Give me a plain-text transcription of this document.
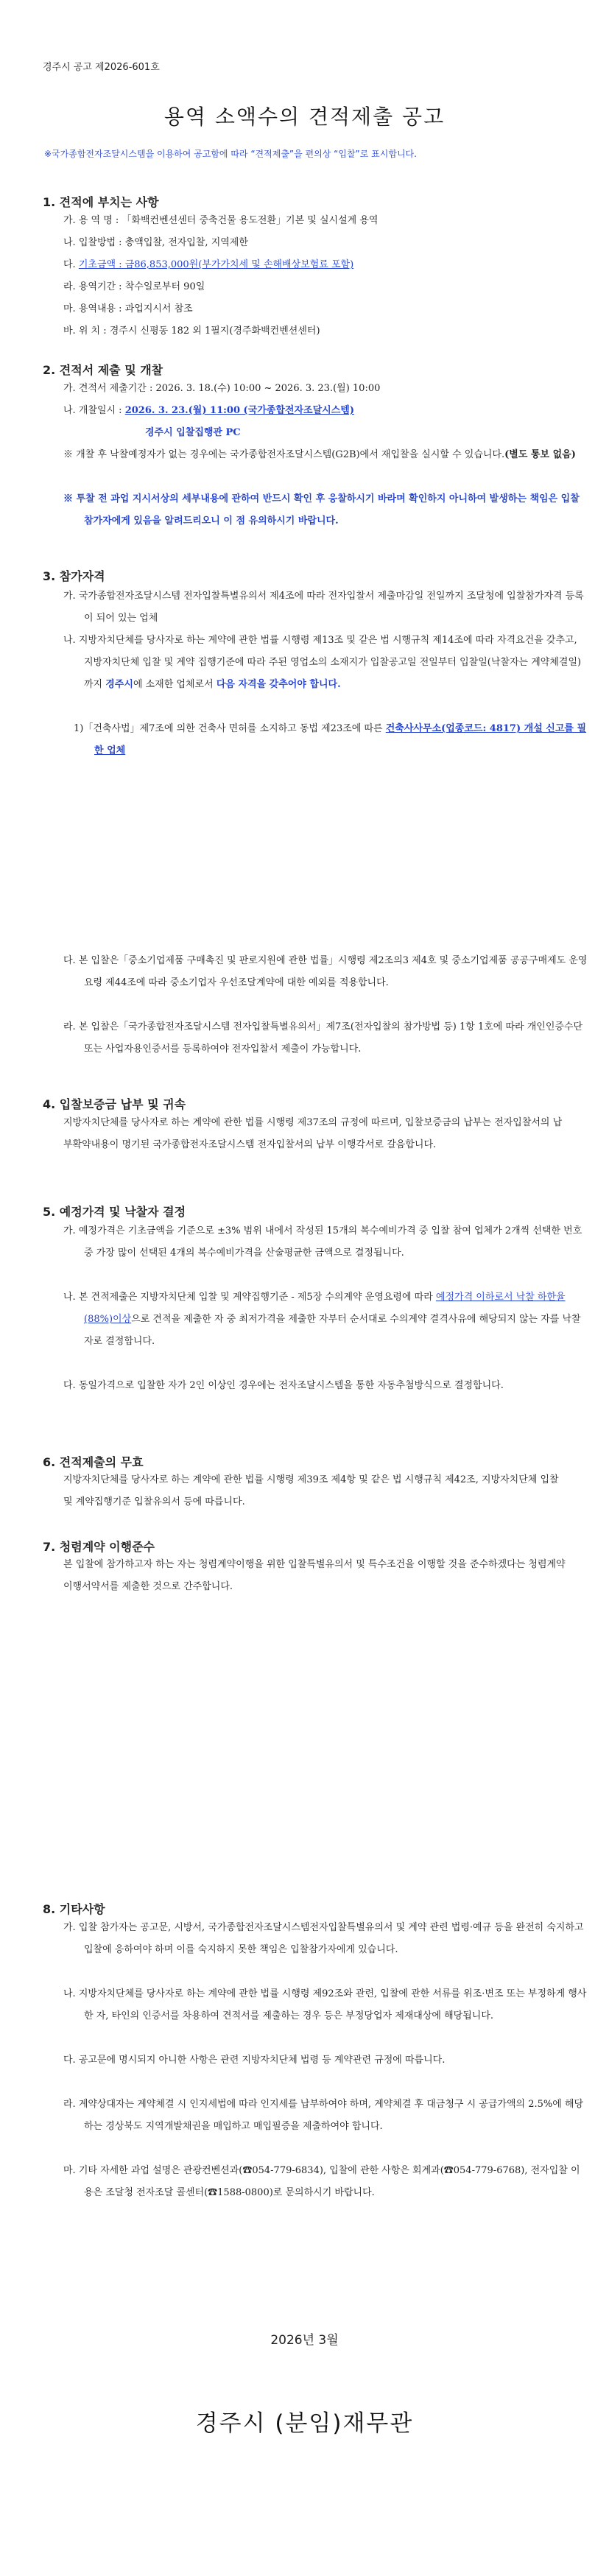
경주시 공고 제2026-601호
용역 소액수의 견적제출 공고
※국가종합전자조달시스템을 이용하여 공고함에 따라 “견적제출”을 편의상 “입찰”로 표시합니다.
1. 견적에 부치는 사항
가. 용 역 명 : 「화백컨벤션센터 중축건물 용도전환」기본 및 실시설계 용역
나. 입찰방법 : 총액입찰, 전자입찰, 지역제한
다. 기초금액 : 금86,853,000원(부가가치세 및 손해배상보험료 포함)
라. 용역기간 : 착수일로부터 90일
마. 용역내용 : 과업지시서 참조
바. 위 치 : 경주시 신평동 182 외 1필지(경주화백컨벤션센터)
2. 견적서 제출 및 개찰
가. 견적서 제출기간 : 2026. 3. 18.(수) 10:00 ~ 2026. 3. 23.(월) 10:00
나. 개찰일시 : 2026. 3. 23.(월) 11:00 (국가종합전자조달시스템)
경주시 입찰집행관 PC
※ 개찰 후 낙찰예정자가 없는 경우에는 국가종합전자조달시스템(G2B)에서 재입찰을 실시할 수 있습니다.(별도 통보 없음)
※ 투찰 전 과업 지시서상의 세부내용에 관하여 반드시 확인 후 응찰하시기 바라며 확인하지 아니하여 발생하는 책임은 입찰 참가자에게 있음을 알려드리오니 이 점 유의하시기 바랍니다.
3. 참가자격
가. 국가종합전자조달시스템 전자입찰특별유의서 제4조에 따라 전자입찰서 제출마감일 전일까지 조달청에 입찰참가자격 등록이 되어 있는 업체
나. 지방자치단체를 당사자로 하는 계약에 관한 법률 시행령 제13조 및 같은 법 시행규칙 제14조에 따라 자격요건을 갖추고, 지방자치단체 입찰 및 계약 집행기준에 따라 주된 영업소의 소재지가 입찰공고일 전일부터 입찰일(낙찰자는 계약체결일)까지 경주시에 소재한 업체로서 다음 자격을 갖추어야 합니다.
1)「건축사법」제7조에 의한 건축사 면허를 소지하고 동법 제23조에 따른 건축사사무소(업종코드: 4817) 개설 신고를 필한 업체
다. 본 입찰은「중소기업제품 구매촉진 및 판로지원에 관한 법률」시행령 제2조의3 제4호 및 중소기업제품 공공구매제도 운영요령 제44조에 따라 중소기업자 우선조달계약에 대한 예외를 적용합니다.
라. 본 입찰은「국가종합전자조달시스템 전자입찰특별유의서」제7조(전자입찰의 참가방법 등) 1항 1호에 따라 개인인증수단 또는 사업자용인증서를 등록하여야 전자입찰서 제출이 가능합니다.
4. 입찰보증금 납부 및 귀속
지방자치단체를 당사자로 하는 계약에 관한 법률 시행령 제37조의 규정에 따르며, 입찰보증금의 납부는 전자입찰서의 납부확약내용이 명기된 국가종합전자조달시스템 전자입찰서의 납부 이행각서로 갈음합니다.
5. 예정가격 및 낙찰자 결정
가. 예정가격은 기초금액을 기준으로 ±3% 범위 내에서 작성된 15개의 복수예비가격 중 입찰 참여 업체가 2개씩 선택한 번호 중 가장 많이 선택된 4개의 복수예비가격을 산술평균한 금액으로 결정됩니다.
나. 본 견적제출은 지방자치단체 입찰 및 계약집행기준 - 제5장 수의계약 운영요령에 따라 예정가격 이하로서 낙찰 하한율(88%)이상으로 견적을 제출한 자 중 최저가격을 제출한 자부터 순서대로 수의계약 결격사유에 해당되지 않는 자를 낙찰자로 결정합니다.
다. 동일가격으로 입찰한 자가 2인 이상인 경우에는 전자조달시스템을 통한 자동추첨방식으로 결정합니다.
6. 견적제출의 무효
지방자치단체를 당사자로 하는 계약에 관한 법률 시행령 제39조 제4항 및 같은 법 시행규칙 제42조, 지방자치단체 입찰 및 계약집행기준 입찰유의서 등에 따릅니다.
7. 청렴계약 이행준수
본 입찰에 참가하고자 하는 자는 청렴계약이행을 위한 입찰특별유의서 및 특수조건을 이행할 것을 준수하겠다는 청렴계약이행서약서를 제출한 것으로 간주합니다.
8. 기타사항
가. 입찰 참가자는 공고문, 시방서, 국가종합전자조달시스템전자입찰특별유의서 및 계약 관련 법령·예규 등을 완전히 숙지하고 입찰에 응하여야 하며 이를 숙지하지 못한 책임은 입찰참가자에게 있습니다.
나. 지방자치단체를 당사자로 하는 계약에 관한 법률 시행령 제92조와 관련, 입찰에 관한 서류를 위조·변조 또는 부정하게 행사한 자, 타인의 인증서를 차용하여 견적서를 제출하는 경우 등은 부정당업자 제재대상에 해당됩니다.
다. 공고문에 명시되지 아니한 사항은 관련 지방자치단체 법령 등 계약관련 규정에 따릅니다.
라. 계약상대자는 계약체결 시 인지세법에 따라 인지세를 납부하여야 하며, 계약체결 후 대금청구 시 공급가액의 2.5%에 해당하는 경상북도 지역개발채권을 매입하고 매입필증을 제출하여야 합니다.
마. 기타 자세한 과업 설명은 관광컨벤션과(☎054-779-6834), 입찰에 관한 사항은 회계과(☎054-779-6768), 전자입찰 이용은 조달청 전자조달 콜센터(☎1588-0800)로 문의하시기 바랍니다.
2026년 3월
경주시 (분임)재무관
